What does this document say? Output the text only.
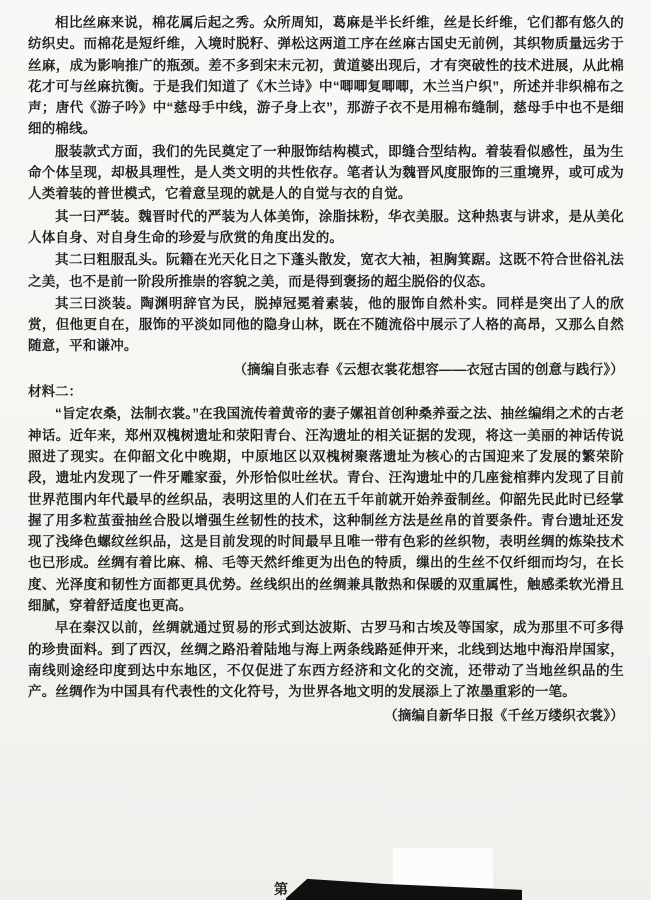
相比丝麻来说，棉花属后起之秀。众所周知，葛麻是半长纤维，丝是长纤维，它们都有悠久的纺织史。而棉花是短纤维，入境时脱籽、弹松这两道工序在丝麻古国史无前例，其织物质量远劣于丝麻，成为影响推广的瓶颈。差不多到宋末元初，黄道婆出现后，才有突破性的技术进展，从此棉花才可与丝麻抗衡。于是我们知道了《木兰诗》中“唧唧复唧唧，木兰当户织”，所述并非织棉布之声；唐代《游子吟》中“慈母手中线，游子身上衣”，那游子衣不是用棉布缝制，慈母手中也不是细细的棉线。

服装款式方面，我们的先民奠定了一种服饰结构模式，即缝合型结构。着装看似感性，虽为生命个体呈现，却极具理性，是人类文明的共性依存。笔者认为魏晋风度服饰的三重境界，或可成为人类着装的普世模式，它着意呈现的就是人的自觉与衣的自觉。

其一曰严装。魏晋时代的严装为人体美饰，涂脂抹粉，华衣美服。这种热衷与讲求，是从美化人体自身、对自身生命的珍爱与欣赏的角度出发的。

其二曰粗服乱头。阮籍在光天化日之下蓬头散发，宽衣大袖，袒胸箕踞。这既不符合世俗礼法之美，也不是前一阶段所推崇的容貌之美，而是得到褒扬的超尘脱俗的仪态。

其三曰淡装。陶渊明辞官为民，脱掉冠冕着素装，他的服饰自然朴实。同样是突出了人的欣赏，但他更自在，服饰的平淡如同他的隐身山林，既在不随流俗中展示了人格的高昂，又那么自然随意，平和谦冲。

（摘编自张志春《云想衣裳花想容——衣冠古国的创意与践行》）

材料二：

“旨定农桑，法制衣裳。”在我国流传着黄帝的妻子嫘祖首创种桑养蚕之法、抽丝编绢之术的古老神话。近年来，郑州双槐树遗址和荥阳青台、汪沟遗址的相关证据的发现，将这一美丽的神话传说照进了现实。在仰韶文化中晚期，中原地区以双槐树聚落遗址为核心的古国迎来了发展的繁荣阶段，遗址内发现了一件牙雕家蚕，外形恰似吐丝状。青台、汪沟遗址中的几座瓮棺葬内发现了目前世界范围内年代最早的丝织品，表明这里的人们在五千年前就开始养蚕制丝。仰韶先民此时已经掌握了用多粒茧蚕抽丝合股以增强生丝韧性的技术，这种制丝方法是丝帛的首要条件。青台遗址还发现了浅绛色螺纹丝织品，这是目前发现的时间最早且唯一带有色彩的丝织物，表明丝绸的炼染技术也已形成。丝绸有着比麻、棉、毛等天然纤维更为出色的特质，缫出的生丝不仅纤细而均匀，在长度、光泽度和韧性方面都更具优势。丝线织出的丝绸兼具散热和保暖的双重属性，触感柔软光滑且细腻，穿着舒适度也更高。

早在秦汉以前，丝绸就通过贸易的形式到达波斯、古罗马和古埃及等国家，成为那里不可多得的珍贵面料。到了西汉，丝绸之路沿着陆地与海上两条线路延伸开来，北线到达地中海沿岸国家，南线则途经印度到达中东地区，不仅促进了东西方经济和文化的交流，还带动了当地丝织品的生产。丝绸作为中国具有代表性的文化符号，为世界各地文明的发展添上了浓墨重彩的一笔。

（摘编自新华日报《千丝万缕织衣裳》）

第
